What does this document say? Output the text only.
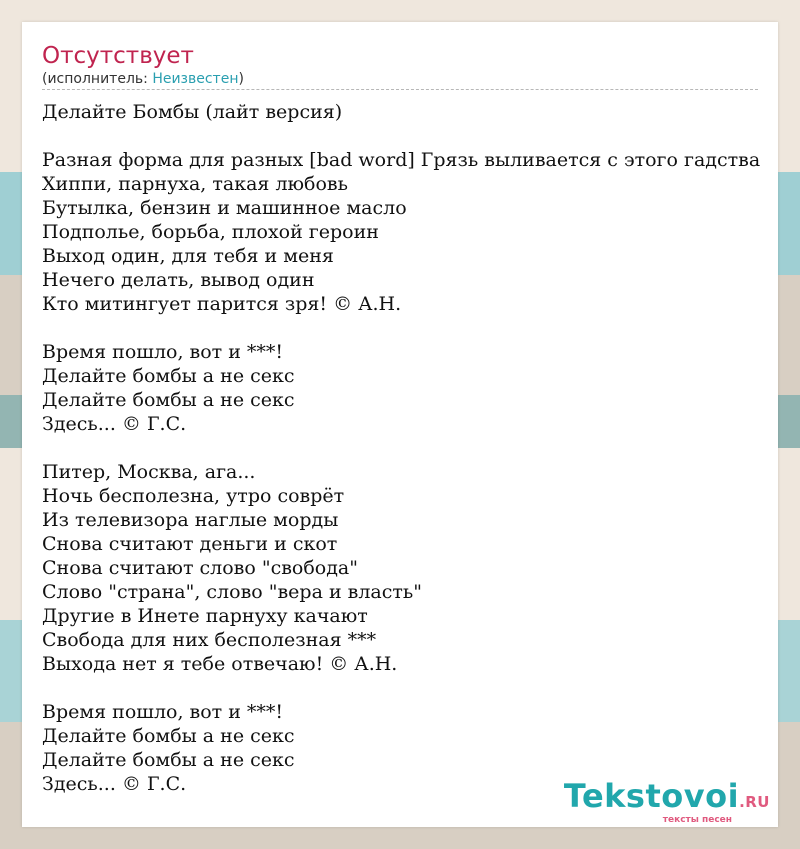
Отсутствует
(исполнитель: Неизвестен)
Делайте Бомбы (лайт версия)

Разная форма для разных [bad word] Грязь выливается с этого гадства
Хиппи, парнуха, такая любовь
Бутылка, бензин и машинное масло
Подполье, борьба, плохой героин
Выход один, для тебя и меня
Нечего делать, вывод один
Кто митингует парится зря! © А.Н.

Время пошло, вот и ***!
Делайте бомбы а не секс
Делайте бомбы а не секс
Здесь... © Г.С.

Питер, Москва, ага...
Ночь бесполезна, утро соврёт
Из телевизора наглые морды
Снова считают деньги и скот
Снова считают слово "свобода"
Слово "страна", слово "вера и власть"
Другие в Инете парнуху качают
Свобода для них бесполезная ***
Выхода нет я тебе отвечаю! © А.Н.

Время пошло, вот и ***!
Делайте бомбы а не секс
Делайте бомбы а не секс
Здесь... © Г.С.	Tekstovoi.RU
тексты песен
